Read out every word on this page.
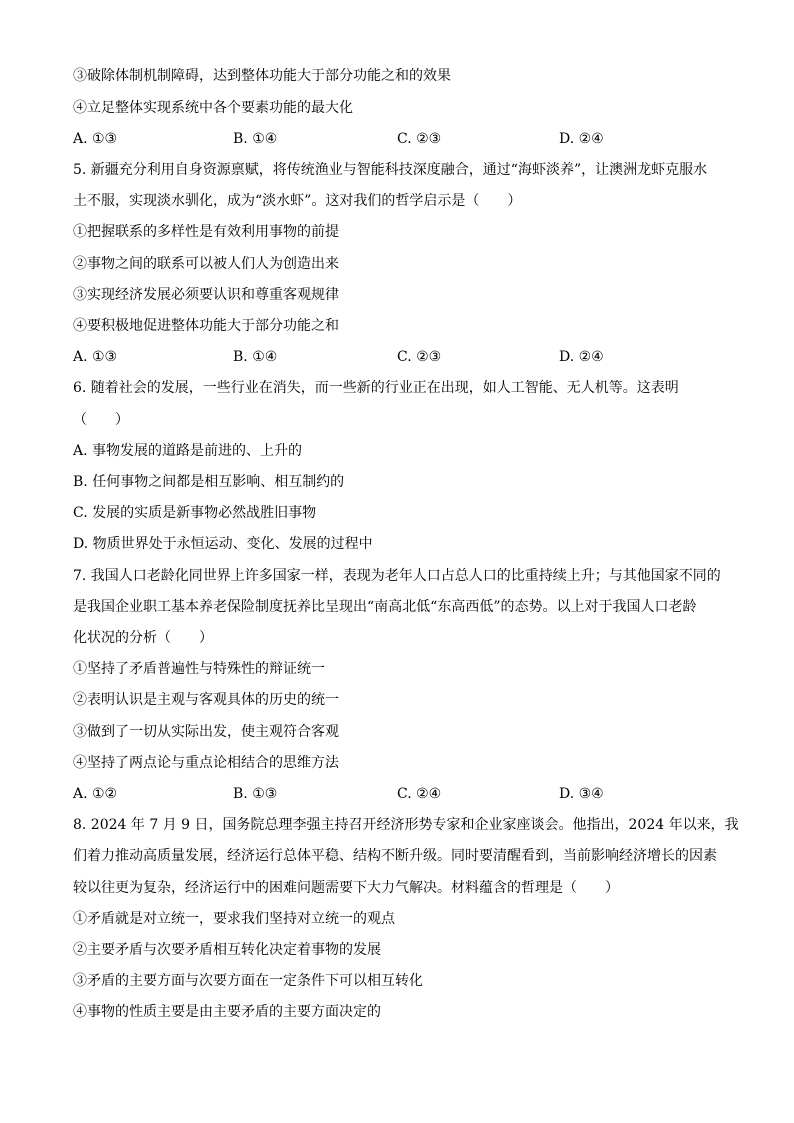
③破除体制机制障碍，达到整体功能大于部分功能之和的效果
④立足整体实现系统中各个要素功能的最大化
A. ①③	B. ①④	C. ②③	D. ②④
5. 新疆充分利用自身资源禀赋，将传统渔业与智能科技深度融合，通过“海虾淡养”，让澳洲龙虾克服水
土不服，实现淡水驯化，成为“淡水虾”。这对我们的哲学启示是（　　）
①把握联系的多样性是有效利用事物的前提
②事物之间的联系可以被人们人为创造出来
③实现经济发展必须要认识和尊重客观规律
④要积极地促进整体功能大于部分功能之和
A. ①③	B. ①④	C. ②③	D. ②④
6. 随着社会的发展，一些行业在消失，而一些新的行业正在出现，如人工智能、无人机等。这表明
（　　）
A. 事物发展的道路是前进的、上升的
B. 任何事物之间都是相互影响、相互制约的
C. 发展的实质是新事物必然战胜旧事物
D. 物质世界处于永恒运动、变化、发展的过程中
7. 我国人口老龄化同世界上许多国家一样，表现为老年人口占总人口的比重持续上升；与其他国家不同的
是我国企业职工基本养老保险制度抚养比呈现出“南高北低“东高西低”的态势。以上对于我国人口老龄
化状况的分析（　　）
①坚持了矛盾普遍性与特殊性的辩证统一
②表明认识是主观与客观具体的历史的统一
③做到了一切从实际出发，使主观符合客观
④坚持了两点论与重点论相结合的思维方法
A. ①②	B. ①③	C. ②④	D. ③④
8. 2024 年 7 月 9 日，国务院总理李强主持召开经济形势专家和企业家座谈会。他指出，2024 年以来，我
们着力推动高质量发展，经济运行总体平稳、结构不断升级。同时要清醒看到，当前影响经济增长的因素
较以往更为复杂，经济运行中的困难问题需要下大力气解决。材料蕴含的哲理是（　　）
①矛盾就是对立统一，要求我们坚持对立统一的观点
②主要矛盾与次要矛盾相互转化决定着事物的发展
③矛盾的主要方面与次要方面在一定条件下可以相互转化
④事物的性质主要是由主要矛盾的主要方面决定的
